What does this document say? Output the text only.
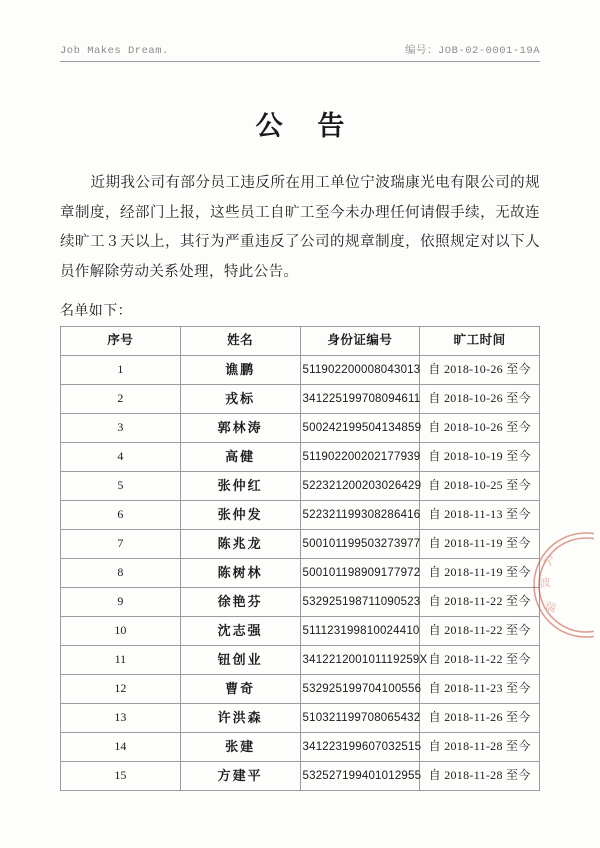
Job Makes Dream.	编号：JOB-02-0001-19A
公 告
近期我公司有部分员工违反所在用工单位宁波瑞康光电有限公司的规章制度，经部门上报，这些员工自旷工至今未办理任何请假手续，无故连续旷工３天以上，其行为严重违反了公司的规章制度，依照规定对以下人员作解除劳动关系处理，特此公告。
名单如下：
序号	姓名	身份证编号	旷工时间
1	谯鹏	511902200008043013	自 2018-10-26 至今
2	戎标	341225199708094611	自 2018-10-26 至今
3	郭林涛	500242199504134859	自 2018-10-26 至今
4	高健	511902200202177939	自 2018-10-19 至今
5	张仲红	522321200203026429	自 2018-10-25 至今
6	张仲发	522321199308286416	自 2018-11-13 至今
7	陈兆龙	500101199503273977	自 2018-11-19 至今
8	陈树林	500101198909177972	自 2018-11-19 至今
9	徐艳芬	532925198711090523	自 2018-11-22 至今
10	沈志强	511123199810024410	自 2018-11-22 至今
11	钮创业	341221200101119259X	自 2018-11-22 至今
12	曹奇	532925199704100556	自 2018-11-23 至今
13	许洪森	510321199708065432	自 2018-11-26 至今
14	张建	341223199607032515	自 2018-11-28 至今
15	方建平	532527199401012955	自 2018-11-28 至今
宁
波
瑞
